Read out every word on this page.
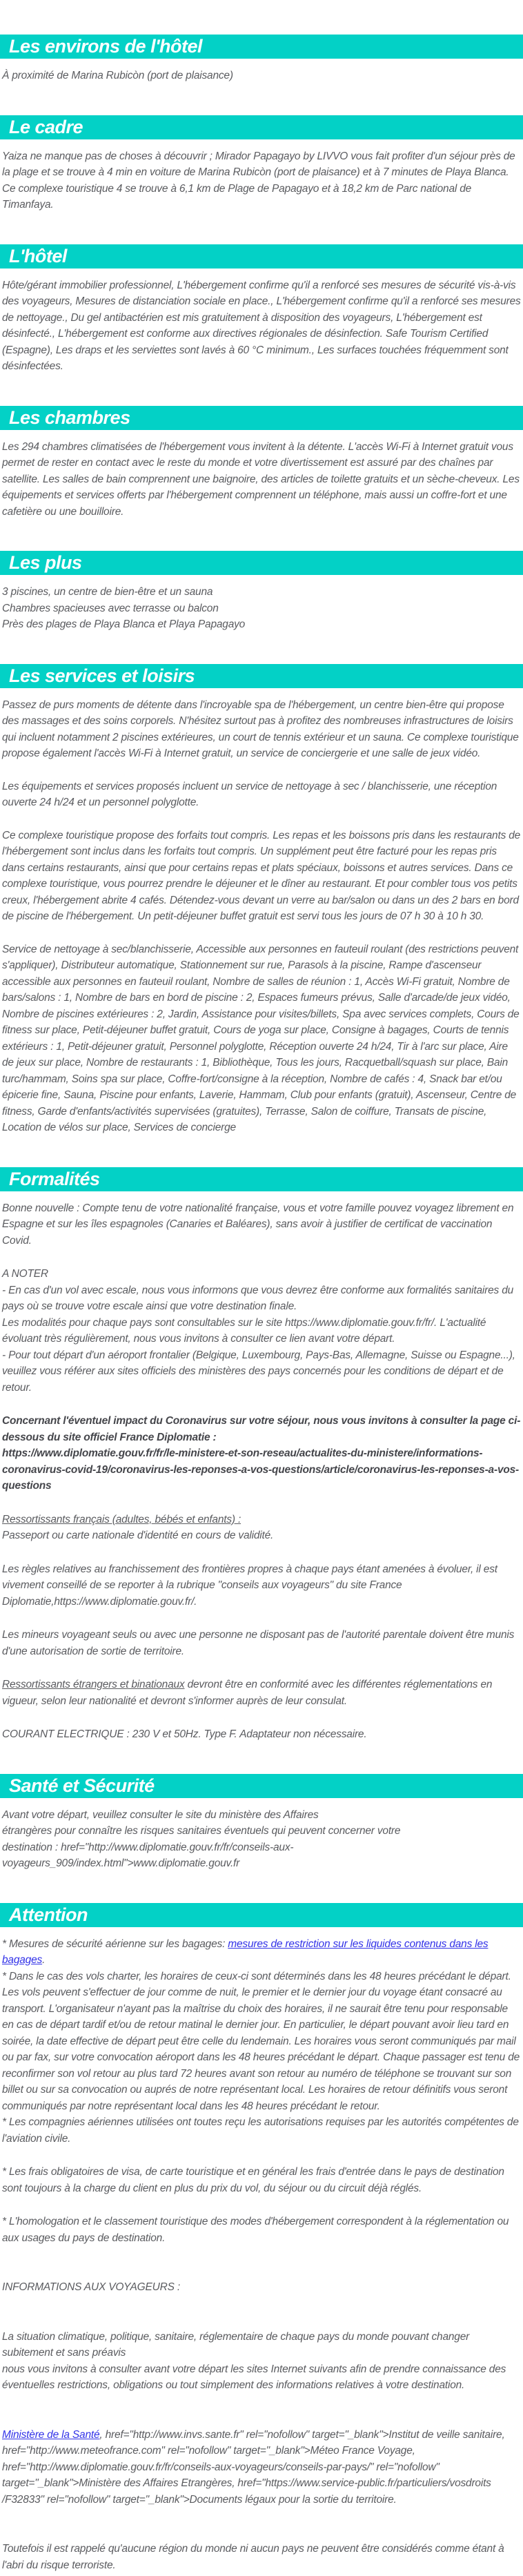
Les environs de l'hôtel
À proximité de Marina Rubicòn (port de plaisance)
Le cadre
Yaiza ne manque pas de choses à découvrir ; Mirador Papagayo by LIVVO vous fait profiter d'un séjour près de la plage et se trouve à 4 min en voiture de Marina Rubicòn (port de plaisance) et à 7 minutes de Playa Blanca. Ce complexe touristique 4 se trouve à 6,1 km de Plage de Papagayo et à 18,2 km de Parc national de Timanfaya.
L'hôtel
Hôte/gérant immobilier professionnel, L'hébergement confirme qu'il a renforcé ses mesures de sécurité vis-à-vis des voyageurs, Mesures de distanciation sociale en place., L'hébergement confirme qu'il a renforcé ses mesures de nettoyage., Du gel antibactérien est mis gratuitement à disposition des voyageurs, L'hébergement est désinfecté., L'hébergement est conforme aux directives régionales de désinfection. Safe Tourism Certified (Espagne), Les draps et les serviettes sont lavés à 60 °C minimum., Les surfaces touchées fréquemment sont désinfectées.
Les chambres
Les 294 chambres climatisées de l'hébergement vous invitent à la détente. L'accès Wi-Fi à Internet gratuit vous permet de rester en contact avec le reste du monde et votre divertissement est assuré par des chaînes par satellite. Les salles de bain comprennent une baignoire, des articles de toilette gratuits et un sèche-cheveux. Les équipements et services offerts par l'hébergement comprennent un téléphone, mais aussi un coffre-fort et une cafetière ou une bouilloire.
Les plus
3 piscines, un centre de bien-être et un sauna
Chambres spacieuses avec terrasse ou balcon
Près des plages de Playa Blanca et Playa Papagayo
Les services et loisirs
Passez de purs moments de détente dans l'incroyable spa de l'hébergement, un centre bien-être qui propose des massages et des soins corporels. N'hésitez surtout pas à profitez des nombreuses infrastructures de loisirs qui incluent notamment 2 piscines extérieures, un court de tennis extérieur et un sauna. Ce complexe touristique propose également l'accès Wi-Fi à Internet gratuit, un service de conciergerie et une salle de jeux vidéo.
Les équipements et services proposés incluent un service de nettoyage à sec / blanchisserie, une réception ouverte 24 h/24 et un personnel polyglotte.
Ce complexe touristique propose des forfaits tout compris. Les repas et les boissons pris dans les restaurants de l'hébergement sont inclus dans les forfaits tout compris. Un supplément peut être facturé pour les repas pris dans certains restaurants, ainsi que pour certains repas et plats spéciaux, boissons et autres services. Dans ce complexe touristique, vous pourrez prendre le déjeuner et le dîner au restaurant. Et pour combler tous vos petits creux, l'hébergement abrite 4 cafés. Détendez-vous devant un verre au bar/salon ou dans un des 2 bars en bord de piscine de l'hébergement. Un petit-déjeuner buffet gratuit est servi tous les jours de 07 h 30 à 10 h 30.
Service de nettoyage à sec/blanchisserie, Accessible aux personnes en fauteuil roulant (des restrictions peuvent s'appliquer), Distributeur automatique, Stationnement sur rue, Parasols à la piscine, Rampe d'ascenseur accessible aux personnes en fauteuil roulant, Nombre de salles de réunion : 1, Accès Wi-Fi gratuit, Nombre de bars/salons : 1, Nombre de bars en bord de piscine : 2, Espaces fumeurs prévus, Salle d'arcade/de jeux vidéo, Nombre de piscines extérieures : 2, Jardin, Assistance pour visites/billets, Spa avec services complets, Cours de fitness sur place, Petit-déjeuner buffet gratuit, Cours de yoga sur place, Consigne à bagages, Courts de tennis extérieurs : 1, Petit-déjeuner gratuit, Personnel polyglotte, Réception ouverte 24 h/24, Tir à l'arc sur place, Aire de jeux sur place, Nombre de restaurants : 1, Bibliothèque, Tous les jours, Racquetball/squash sur place, Bain turc/hammam, Soins spa sur place, Coffre-fort/consigne à la réception, Nombre de cafés : 4, Snack bar et/ou épicerie fine, Sauna, Piscine pour enfants, Laverie, Hammam, Club pour enfants (gratuit), Ascenseur, Centre de fitness, Garde d'enfants/activités supervisées (gratuites), Terrasse, Salon de coiffure, Transats de piscine, Location de vélos sur place, Services de concierge
Formalités
Bonne nouvelle : Compte tenu de votre nationalité française, vous et votre famille pouvez voyagez librement en Espagne et sur les îles espagnoles (Canaries et Baléares), sans avoir à justifier de certificat de vaccination Covid.
A NOTER
- En cas d'un vol avec escale, nous vous informons que vous devrez être conforme aux formalités sanitaires du pays où se trouve votre escale ainsi que votre destination finale.
Les modalités pour chaque pays sont consultables sur le site https://www.diplomatie.gouv.fr/fr/. L'actualité évoluant très régulièrement, nous vous invitons à consulter ce lien avant votre départ.
- Pour tout départ d'un aéroport frontalier (Belgique, Luxembourg, Pays-Bas, Allemagne, Suisse ou Espagne...), veuillez vous référer aux sites officiels des ministères des pays concernés pour les conditions de départ et de retour.
Concernant l'éventuel impact du Coronavirus sur votre séjour, nous vous invitons à consulter la page ci-dessous du site officiel France Diplomatie :
https://www.diplomatie.gouv.fr/fr/le-ministere-et-son-reseau/actualites-du-ministere/informations-coronavirus-covid-19/coronavirus-les-reponses-a-vos-questions/article/coronavirus-les-reponses-a-vos-questions
Ressortissants français (adultes, bébés et enfants) :
Passeport ou carte nationale d'identité en cours de validité.
Les règles relatives au franchissement des frontières propres à chaque pays étant amenées à évoluer, il est vivement conseillé de se reporter à la rubrique "conseils aux voyageurs" du site France Diplomatie,https://www.diplomatie.gouv.fr/.
Les mineurs voyageant seuls ou avec une personne ne disposant pas de l'autorité parentale doivent être munis d'une autorisation de sortie de territoire.
Ressortissants étrangers et binationaux devront être en conformité avec les différentes réglementations en vigueur, selon leur nationalité et devront s'informer auprès de leur consulat.
COURANT ELECTRIQUE : 230 V et 50Hz. Type F. Adaptateur non nécessaire.
Santé et Sécurité
Avant votre départ, veuillez consulter le site du ministère des Affaires
étrangères pour connaître les risques sanitaires éventuels qui peuvent concerner votre
destination : href="http://www.diplomatie.gouv.fr/fr/conseils-aux-voyageurs_909/index.html">www.diplomatie.gouv.fr
Attention
* Mesures de sécurité aérienne sur les bagages: mesures de restriction sur les liquides contenus dans les bagages.
* Dans le cas des vols charter, les horaires de ceux-ci sont déterminés dans les 48 heures précédant le départ. Les vols peuvent s'effectuer de jour comme de nuit, le premier et le dernier jour du voyage étant consacré au transport. L'organisateur n'ayant pas la maîtrise du choix des horaires, il ne saurait être tenu pour responsable en cas de départ tardif et/ou de retour matinal le dernier jour. En particulier, le départ pouvant avoir lieu tard en soirée, la date effective de départ peut être celle du lendemain. Les horaires vous seront communiqués par mail ou par fax, sur votre convocation aéroport dans les 48 heures précédant le départ. Chaque passager est tenu de reconfirmer son vol retour au plus tard 72 heures avant son retour au numéro de téléphone se trouvant sur son billet ou sur sa convocation ou auprés de notre représentant local. Les horaires de retour définitifs vous seront communiqués par notre représentant local dans les 48 heures précédant le retour.
* Les compagnies aériennes utilisées ont toutes reçu les autorisations requises par les autorités compétentes de l'aviation civile.
* Les frais obligatoires de visa, de carte touristique et en général les frais d'entrée dans le pays de destination sont toujours à la charge du client en plus du prix du vol, du séjour ou du circuit déjà réglés.
* L'homologation et le classement touristique des modes d'hébergement correspondent à la réglementation ou aux usages du pays de destination.
INFORMATIONS AUX VOYAGEURS :
La situation climatique, politique, sanitaire, réglementaire de chaque pays du monde pouvant changer subitement et sans préavis
nous vous invitons à consulter avant votre départ les sites Internet suivants afin de prendre connaissance des éventuelles restrictions, obligations ou tout simplement des informations relatives à votre destination.
Ministère de la Santé, href="http://www.invs.sante.fr" rel="nofollow" target="_blank">Institut de veille sanitaire, href="http://www.meteofrance.com" rel="nofollow" target="_blank">Méteo France Voyage, href="http://www.diplomatie.gouv.fr/fr/conseils-aux-voyageurs/conseils-par-pays/" rel="nofollow" target="_blank">Ministère des Affaires Etrangères, href="https://www.service-public.fr/particuliers/vosdroits /F32833" rel="nofollow" target="_blank">Documents légaux pour la sortie du territoire.
Toutefois il est rappelé qu'aucune région du monde ni aucun pays ne peuvent être considérés comme étant à l'abri du risque terroriste.
